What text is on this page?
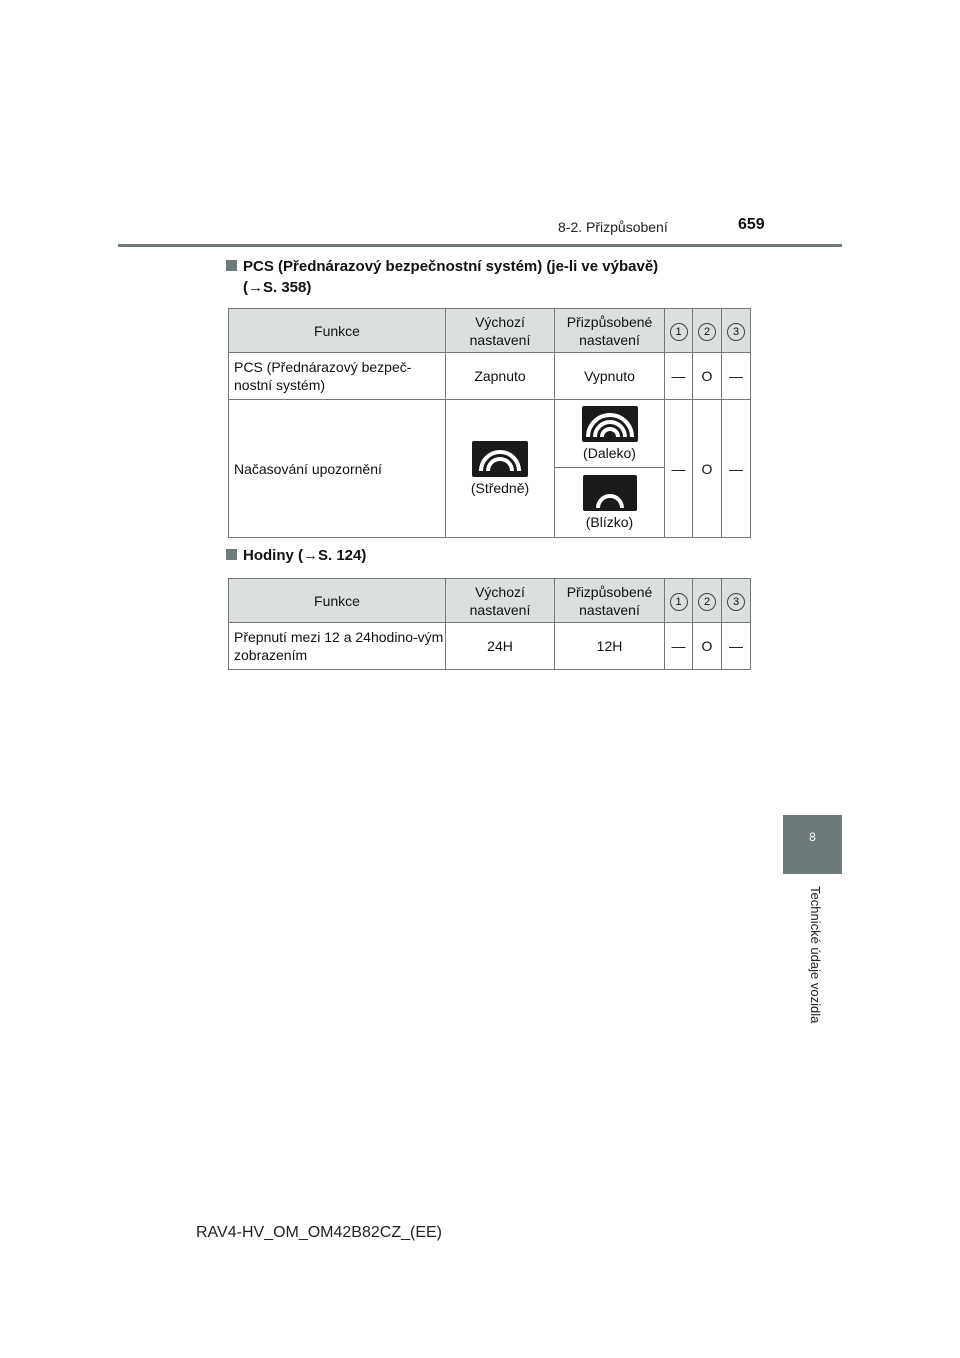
8-2. Přizpůsobení	659
PCS (Přednárazový bezpečnostní systém) (je-li ve výbavě)
(→S. 358)
Funkce	Výchozí nastavení	Přizpůsobené nastavení	1	2	3
PCS (Přednárazový bezpeč-nostní systém)	Zapnuto	Vypnuto	—	O	—
Načasování upozornění	(Středně)	(Daleko)	—	O	—

		(Blízko)			
Hodiny (→S. 124)
Funkce	Výchozí nastavení	Přizpůsobené nastavení	1	2	3
Přepnutí mezi 12 a 24hodino-vým zobrazením	24H	12H	—	O	—
8
Technické údaje vozidla
RAV4-HV_OM_OM42B82CZ_(EE)
